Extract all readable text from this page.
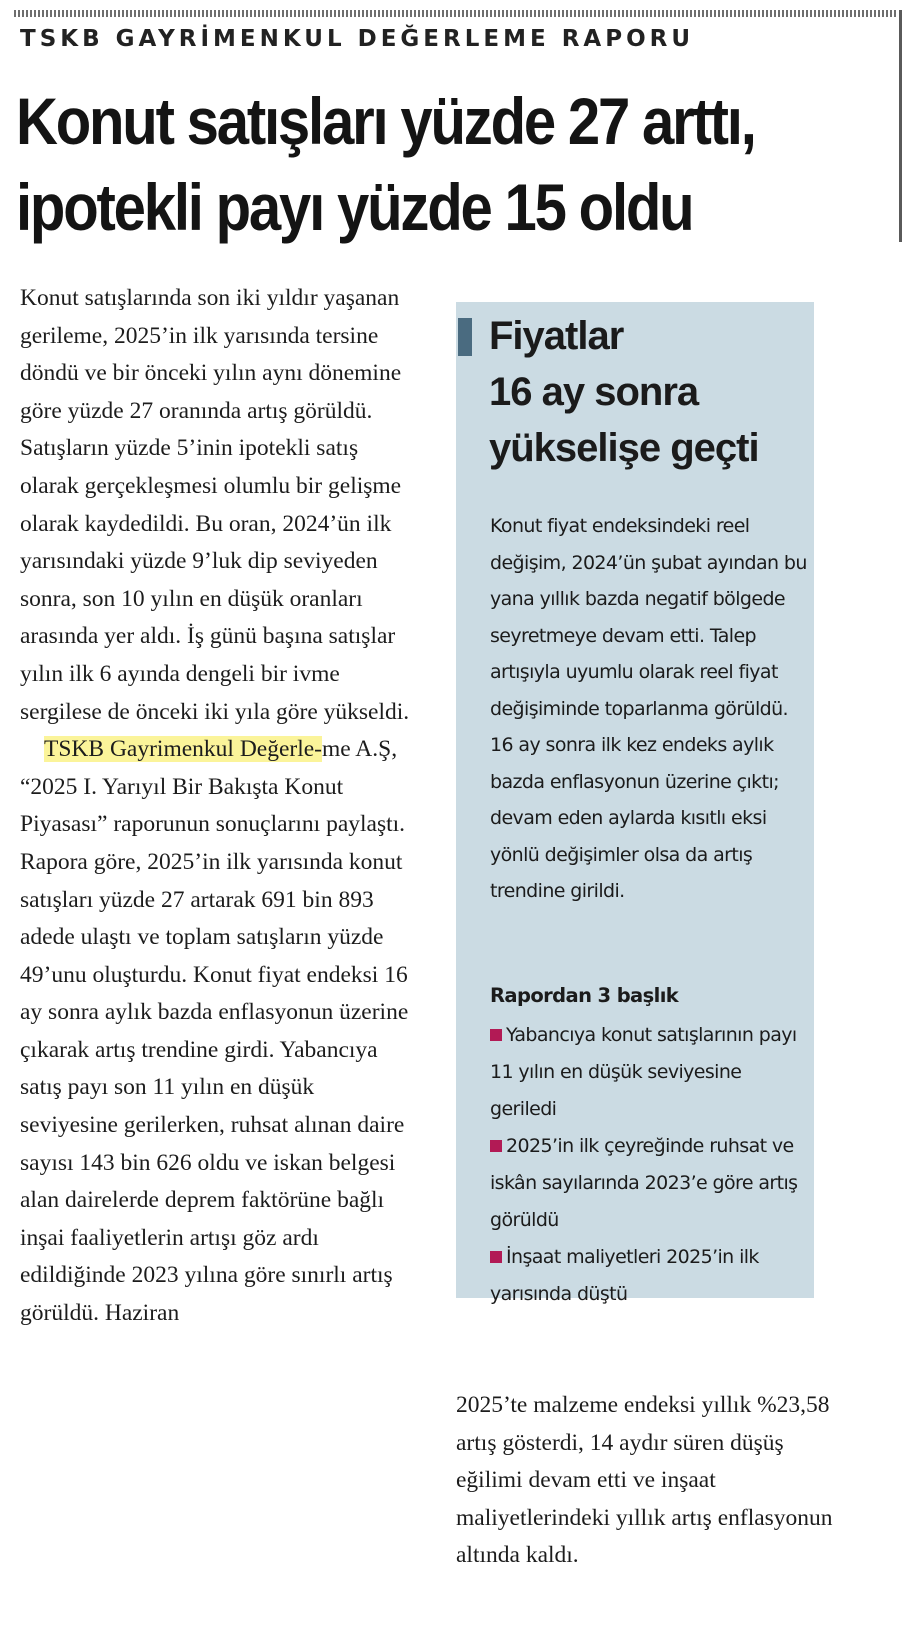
TSKB GAYRİMENKUL DEĞERLEME RAPORU
Konut satışları yüzde 27 arttı,
ipotekli payı yüzde 15 oldu

Konut satışlarında son iki yıldır yaşanan gerileme, 2025’in ilk yarısında tersine döndü ve bir önceki yılın aynı dönemine göre yüzde 27 oranında artış görüldü. Satışların yüzde 5’inin ipotekli satış olarak gerçekleşmesi olumlu bir gelişme olarak kaydedildi. Bu oran, 2024’ün ilk yarısındaki yüzde 9’luk dip seviyeden sonra, son 10 yılın en düşük oranları arasında yer aldı. İş günü başına satışlar yılın ilk 6 ayında dengeli bir ivme sergilese de önceki iki yıla göre yükseldi.

TSKB Gayrimenkul Değerle-me A.Ş, “2025 I. Yarıyıl Bir Bakışta Konut Piyasası” raporunun sonuçlarını paylaştı. Rapora göre, 2025’in ilk yarısında konut satışları yüzde 27 artarak 691 bin 893 adede ulaştı ve toplam satışların yüzde 49’unu oluşturdu. Konut fiyat endeksi 16 ay sonra aylık bazda enflasyonun üzerine çıkarak artış trendine girdi. Yabancıya satış payı son 11 yılın en düşük seviyesine gerilerken, ruhsat alınan daire sayısı 143 bin 626 oldu ve iskan belgesi alan dairelerde deprem faktörüne bağlı inşai faaliyetlerin artışı göz ardı edildiğinde 2023 yılına göre sınırlı artış görüldü. Haziran

Fiyatlar
16 ay sonra
yükselişe geçti

Konut fiyat endeksindeki reel değişim, 2024’ün şubat ayından bu yana yıllık bazda negatif bölgede seyretmeye devam etti. Talep artışıyla uyumlu olarak reel fiyat değişiminde toparlanma görüldü. 16 ay sonra ilk kez endeks aylık bazda enflasyonun üzerine çıktı; devam eden aylarda kısıtlı eksi yönlü değişimler olsa da artış trendine girildi.

Rapordan 3 başlık

Yabancıya konut satışlarının payı 11 yılın en düşük seviyesine geriledi
2025’in ilk çeyreğinde ruhsat ve iskân sayılarında 2023’e göre artış görüldü
İnşaat maliyetleri 2025’in ilk yarısında düştü

2025’te malzeme endeksi yıllık %23,58 artış gösterdi, 14 aydır süren düşüş eğilimi devam etti ve inşaat maliyetlerindeki yıllık artış enflasyonun altında kaldı.
